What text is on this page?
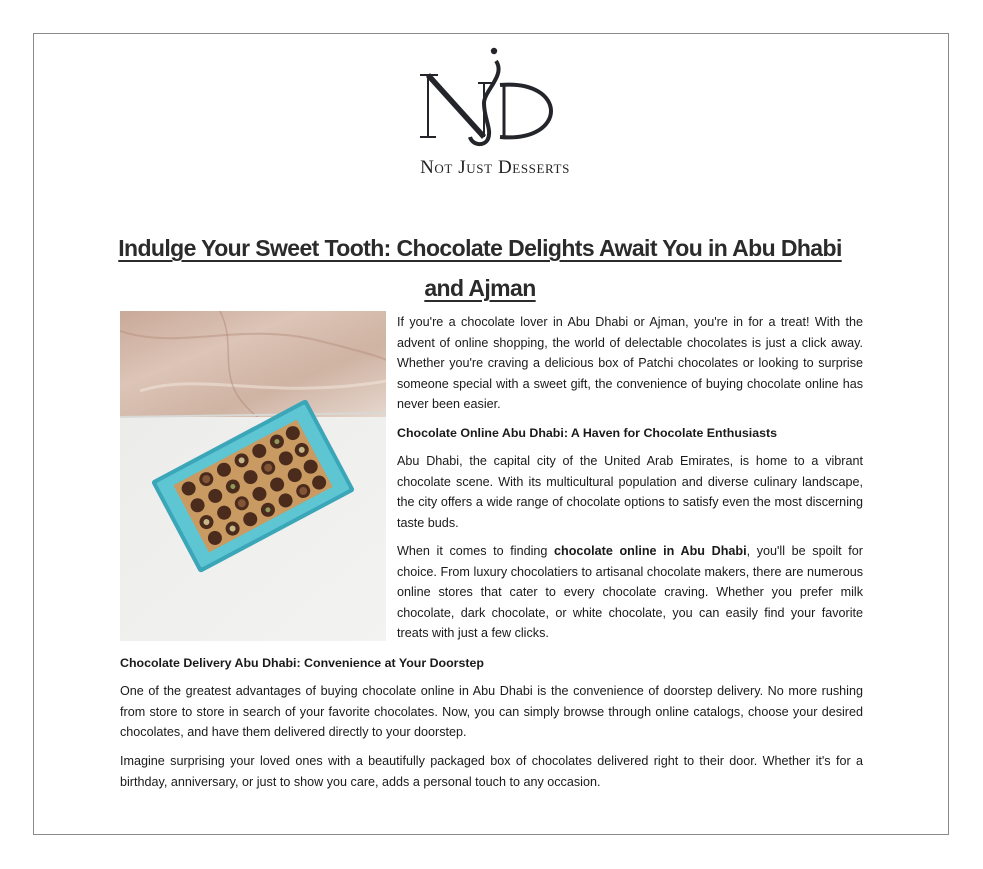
Not Just Desserts
Indulge Your Sweet Tooth: Chocolate Delights Await You in Abu Dhabi and Ajman
If you're a chocolate lover in Abu Dhabi or Ajman, you're in for a treat! With the advent of online shopping, the world of delectable chocolates is just a click away. Whether you're craving a delicious box of Patchi chocolates or looking to surprise someone special with a sweet gift, the convenience of buying chocolate online has never been easier.
Chocolate Online Abu Dhabi: A Haven for Chocolate Enthusiasts
Abu Dhabi, the capital city of the United Arab Emirates, is home to a vibrant chocolate scene. With its multicultural population and diverse culinary landscape, the city offers a wide range of chocolate options to satisfy even the most discerning taste buds.
When it comes to finding chocolate online in Abu Dhabi, you'll be spoilt for choice. From luxury chocolatiers to artisanal chocolate makers, there are numerous online stores that cater to every chocolate craving. Whether you prefer milk chocolate, dark chocolate, or white chocolate, you can easily find your favorite treats with just a few clicks.
Chocolate Delivery Abu Dhabi: Convenience at Your Doorstep
One of the greatest advantages of buying chocolate online in Abu Dhabi is the convenience of doorstep delivery. No more rushing from store to store in search of your favorite chocolates. Now, you can simply browse through online catalogs, choose your desired chocolates, and have them delivered directly to your doorstep.
Imagine surprising your loved ones with a beautifully packaged box of chocolates delivered right to their door. Whether it's for a birthday, anniversary, or just to show you care, adds a personal touch to any occasion.
